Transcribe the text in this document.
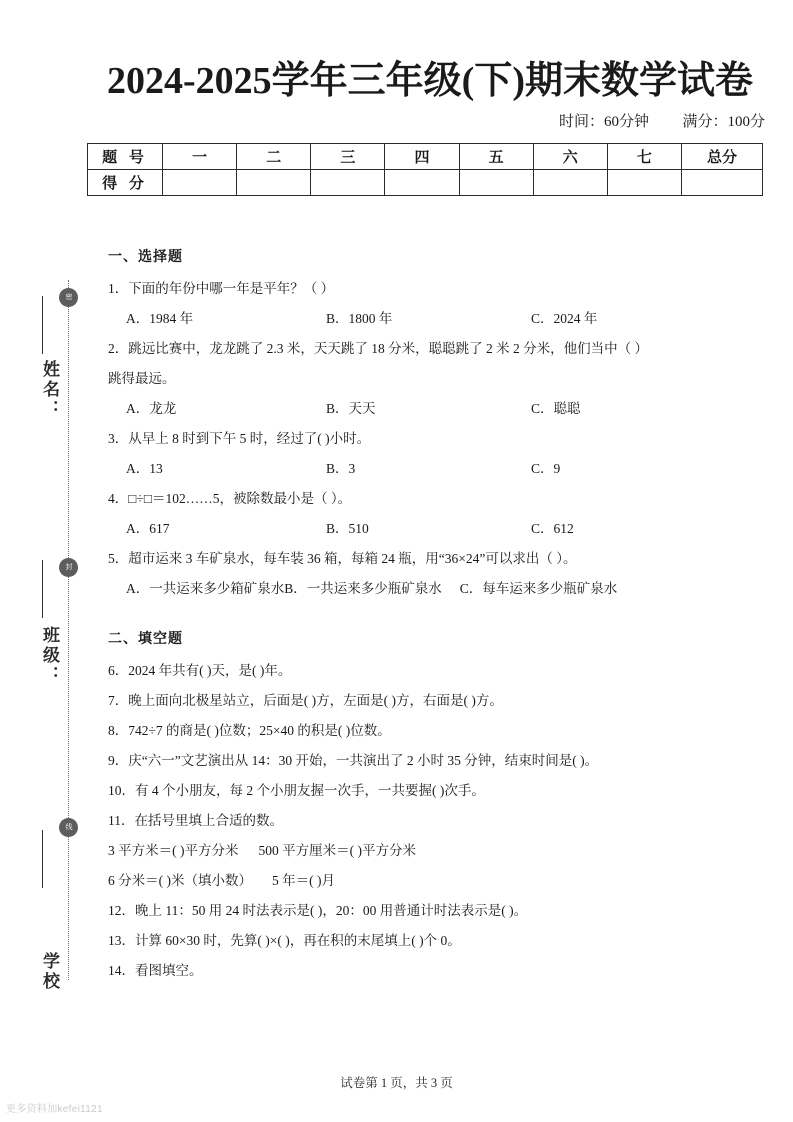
密
封
线
姓名：
班级：
学校
2024-2025学年三年级(下)期末数学试卷
时间：60分钟 满分：100分
题 号	一	二	三	四	五	六	七	总分
得 分								
一、选择题
1．下面的年份中哪一年是平年？（ ）
A．1984 年	B．1800 年	C．2024 年
2．跳远比赛中，龙龙跳了 2.3 米，天天跳了 18 分米，聪聪跳了 2 米 2 分米，他们当中（ ）
跳得最远。
A．龙龙	B．天天	C．聪聪
3．从早上 8 时到下午 5 时，经过了( )小时。
A．13	B．3	C．9
4．□÷□＝102……5，被除数最小是（ ）。
A．617	B．510	C．612
5．超市运来 3 车矿泉水，每车装 36 箱，每箱 24 瓶，用“36×24”可以求出（ ）。
A．一共运来多少箱矿泉水B．一共运来多少瓶矿泉水 C．每车运来多少瓶矿泉水
二、填空题
6．2024 年共有( )天，是( )年。
7．晚上面向北极星站立，后面是( )方，左面是( )方，右面是( )方。
8．742÷7 的商是( )位数；25×40 的积是( )位数。
9．庆“六一”文艺演出从 14：30 开始，一共演出了 2 小时 35 分钟，结束时间是( )。
10．有 4 个小朋友，每 2 个小朋友握一次手，一共要握( )次手。
11．在括号里填上合适的数。
3 平方米＝( )平方分米 500 平方厘米＝( )平方分米
6 分米＝( )米（填小数） 5 年＝( )月
12．晚上 11：50 用 24 时法表示是( )，20：00 用普通计时法表示是( )。
13．计算 60×30 时，先算( )×( )，再在积的末尾填上( )个 0。
14．看图填空。
试卷第 1 页，共 3 页
更多资料加kefei1121
